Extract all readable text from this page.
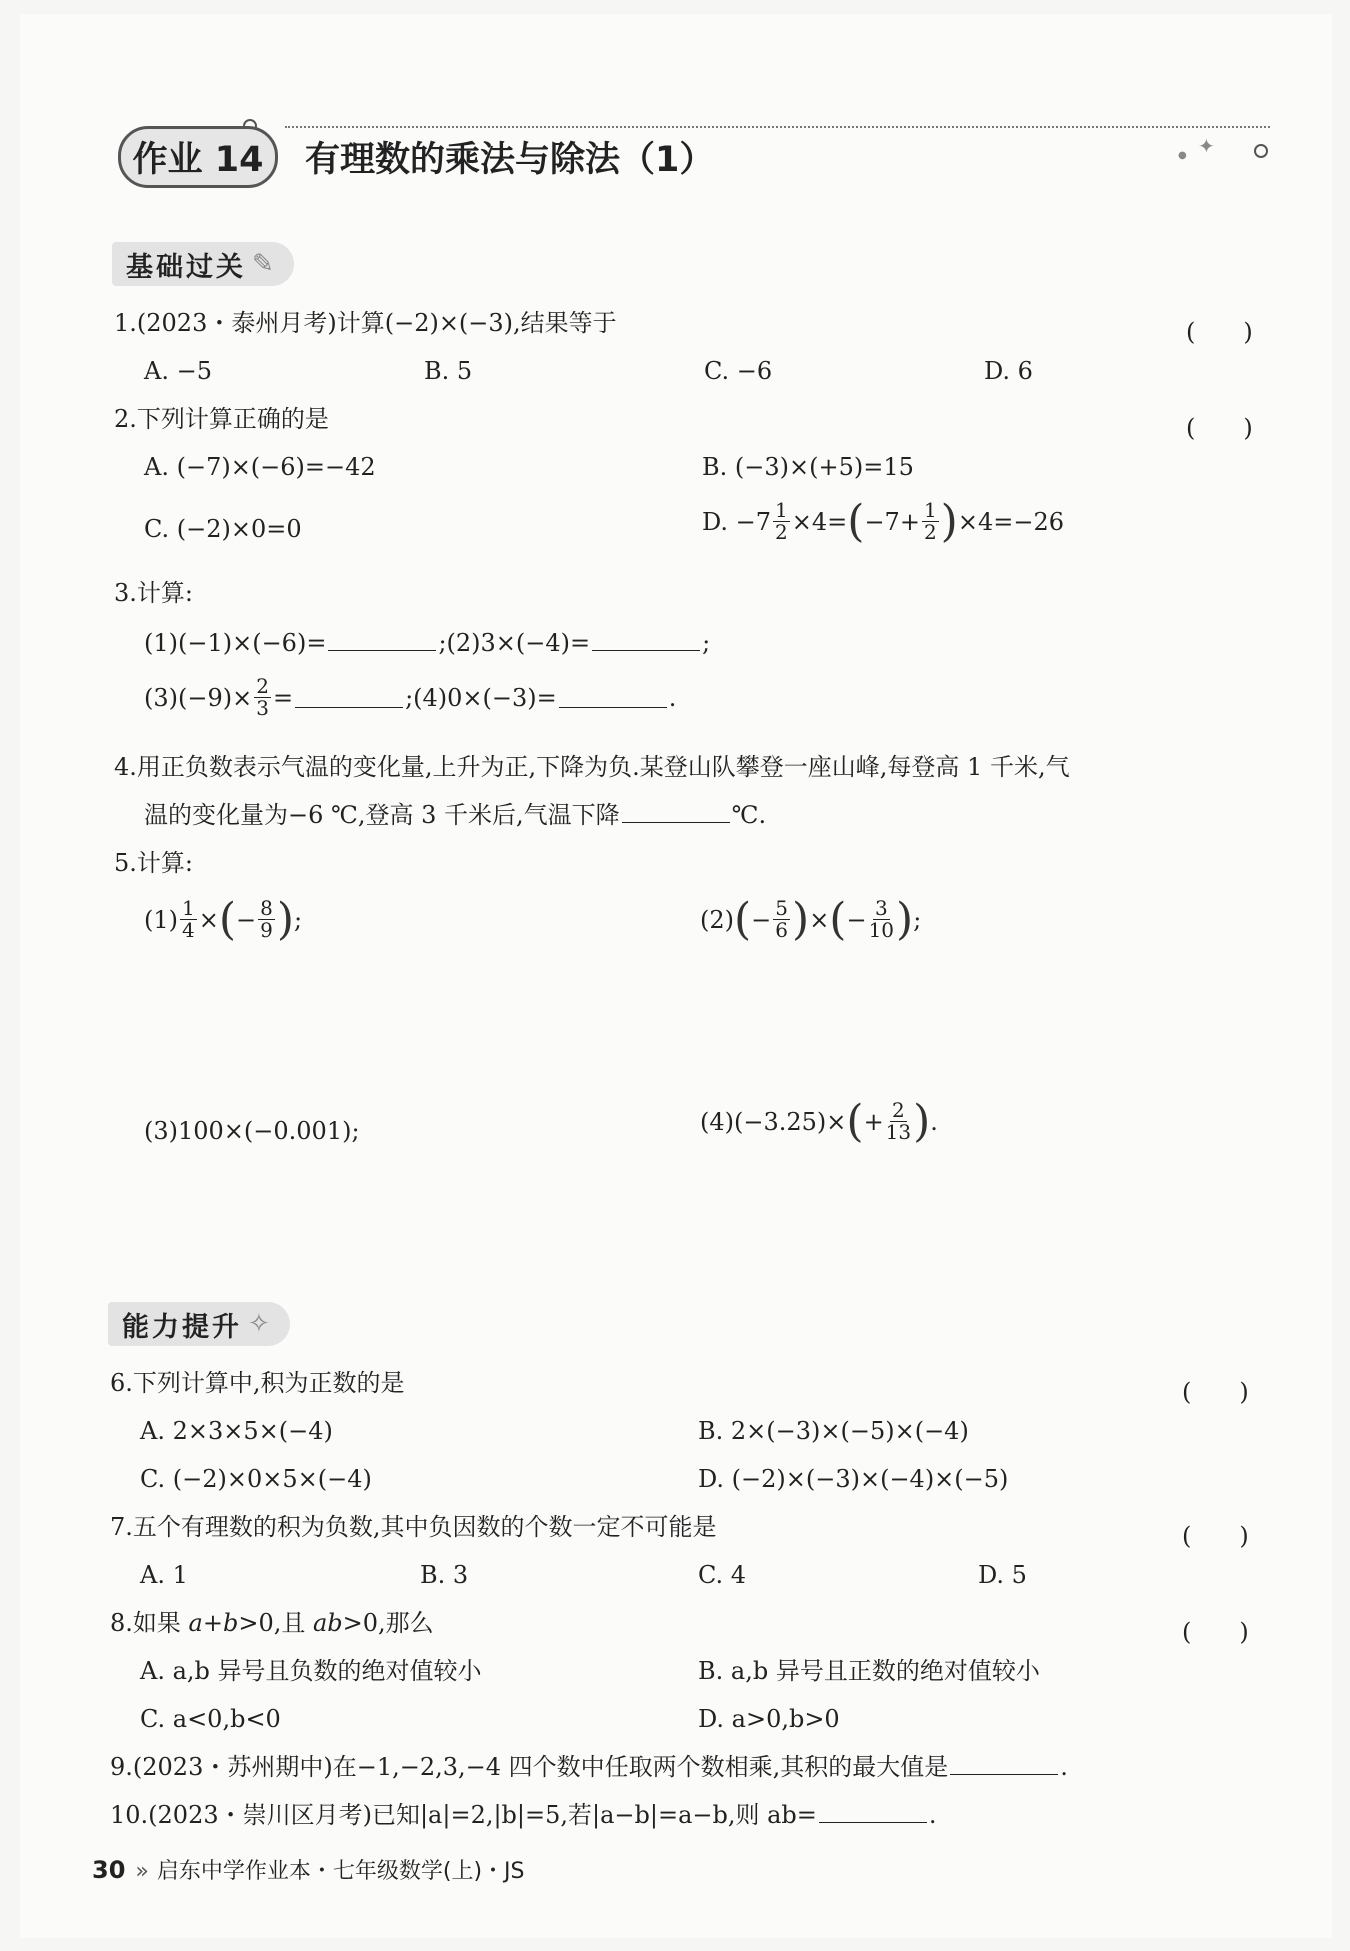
✦
●
作业 14	有理数的乘法与除法（1）
基础过关 ✎
1.(2023・泰州月考)计算(−2)×(−3),结果等于	(　　)
A. −5	B. 5	C. −6	D. 6
2.下列计算正确的是	(　　)
A. (−7)×(−6)=−42	B. (−3)×(+5)=15
C. (−2)×0=0	D. $-7 \frac{1}{2} \times 4=$ ( $-7+ \frac{1}{2}$ ) ×4=−26
3.计算:
(1)(−1)×(−6)=	;(2)3×(−4)=	;
$(3)(-9)\times \frac{2}{3}$ =	;(4)0×(−3)=	.
4.用正负数表示气温的变化量,上升为正,下降为负.某登山队攀登一座山峰,每登高 1 千米,气
温的变化量为−6 ℃,登高 3 千米后,气温下降	℃.
5.计算:
$(1) \frac{1}{4}$ × ( − $\frac{8}{9}$ ) ;	(2) ( − $\frac{5}{6}$ ) × ( − $\frac{3}{10}$ ) ;
(3)100×(−0.001);	(4)(−3.25)× ( + $\frac{2}{13}$ ) .
能力提升 ✧
6.下列计算中,积为正数的是	(　　)
A. 2×3×5×(−4)	B. 2×(−3)×(−5)×(−4)
C. (−2)×0×5×(−4)	D. (−2)×(−3)×(−4)×(−5)
7.五个有理数的积为负数,其中负因数的个数一定不可能是	(　　)
A. 1	B. 3	C. 4	D. 5
8.如果 a+b>0,且 ab>0,那么	(　　)
A. a,b 异号且负数的绝对值较小	B. a,b 异号且正数的绝对值较小
C. a<0,b<0	D. a>0,b>0
9.(2023・苏州期中)在−1,−2,3,−4 四个数中任取两个数相乘,其积的最大值是	.
10.(2023・崇川区月考)已知|a|=2,|b|=5,若|a−b|=a−b,则 ab=	.
30 » 启东中学作业本・七年级数学(上)・JS
